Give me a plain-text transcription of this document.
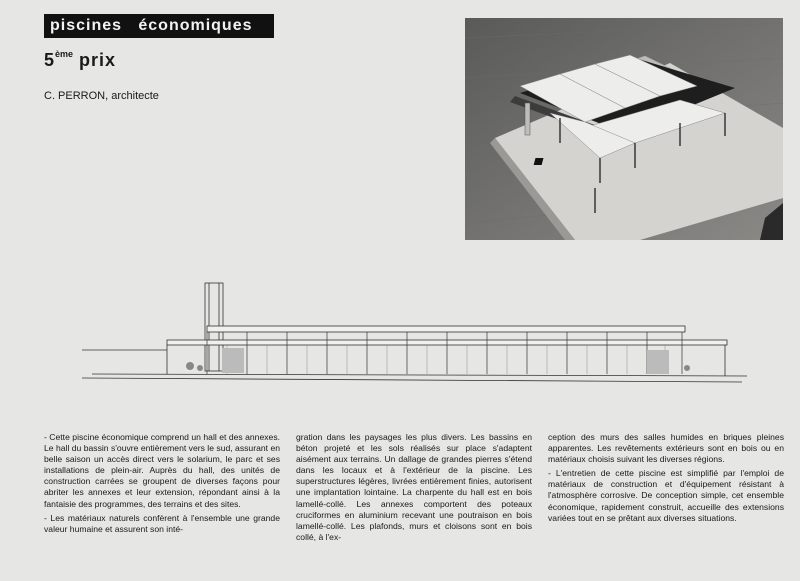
piscines   économiques
5ème prix
C. PERRON, architecte

- Cette piscine économique comprend un hall et des annexes. Le hall du bassin s'ouvre entièrement vers le sud, assurant en belle saison un accès direct vers le solarium, le parc et ses installations de plein-air. Auprès du hall, des unités de construction carrées se groupent de diverses façons pour abriter les annexes et leur extension, répondant ainsi à la fantaisie des programmes, des terrains et des sites.

- Les matériaux naturels confèrent à l'ensemble une grande valeur humaine et assurent son inté-

gration dans les paysages les plus divers. Les bassins en béton projeté et les sols réalisés sur place s'adaptent aisément aux terrains. Un dallage de grandes pierres s'étend dans les locaux et à l'extérieur de la piscine. Les superstructures légères, livrées entièrement finies, autorisent une implantation lointaine. La charpente du hall est en bois lamellé-collé. Les annexes comportent des poteaux cruciformes en aluminium recevant une poutraison en bois lamellé-collé. Les plafonds, murs et cloisons sont en bois collé, à l'ex-

ception des murs des salles humides en briques pleines apparentes. Les revêtements extérieurs sont en bois ou en matériaux choisis suivant les diverses régions.

- L'entretien de cette piscine est simplifié par l'emploi de matériaux de construction et d'équipement résistant à l'atmosphère corrosive. De conception simple, cet ensemble économique, rapidement construit, accueille des extensions variées tout en se prêtant aux diverses situations.
